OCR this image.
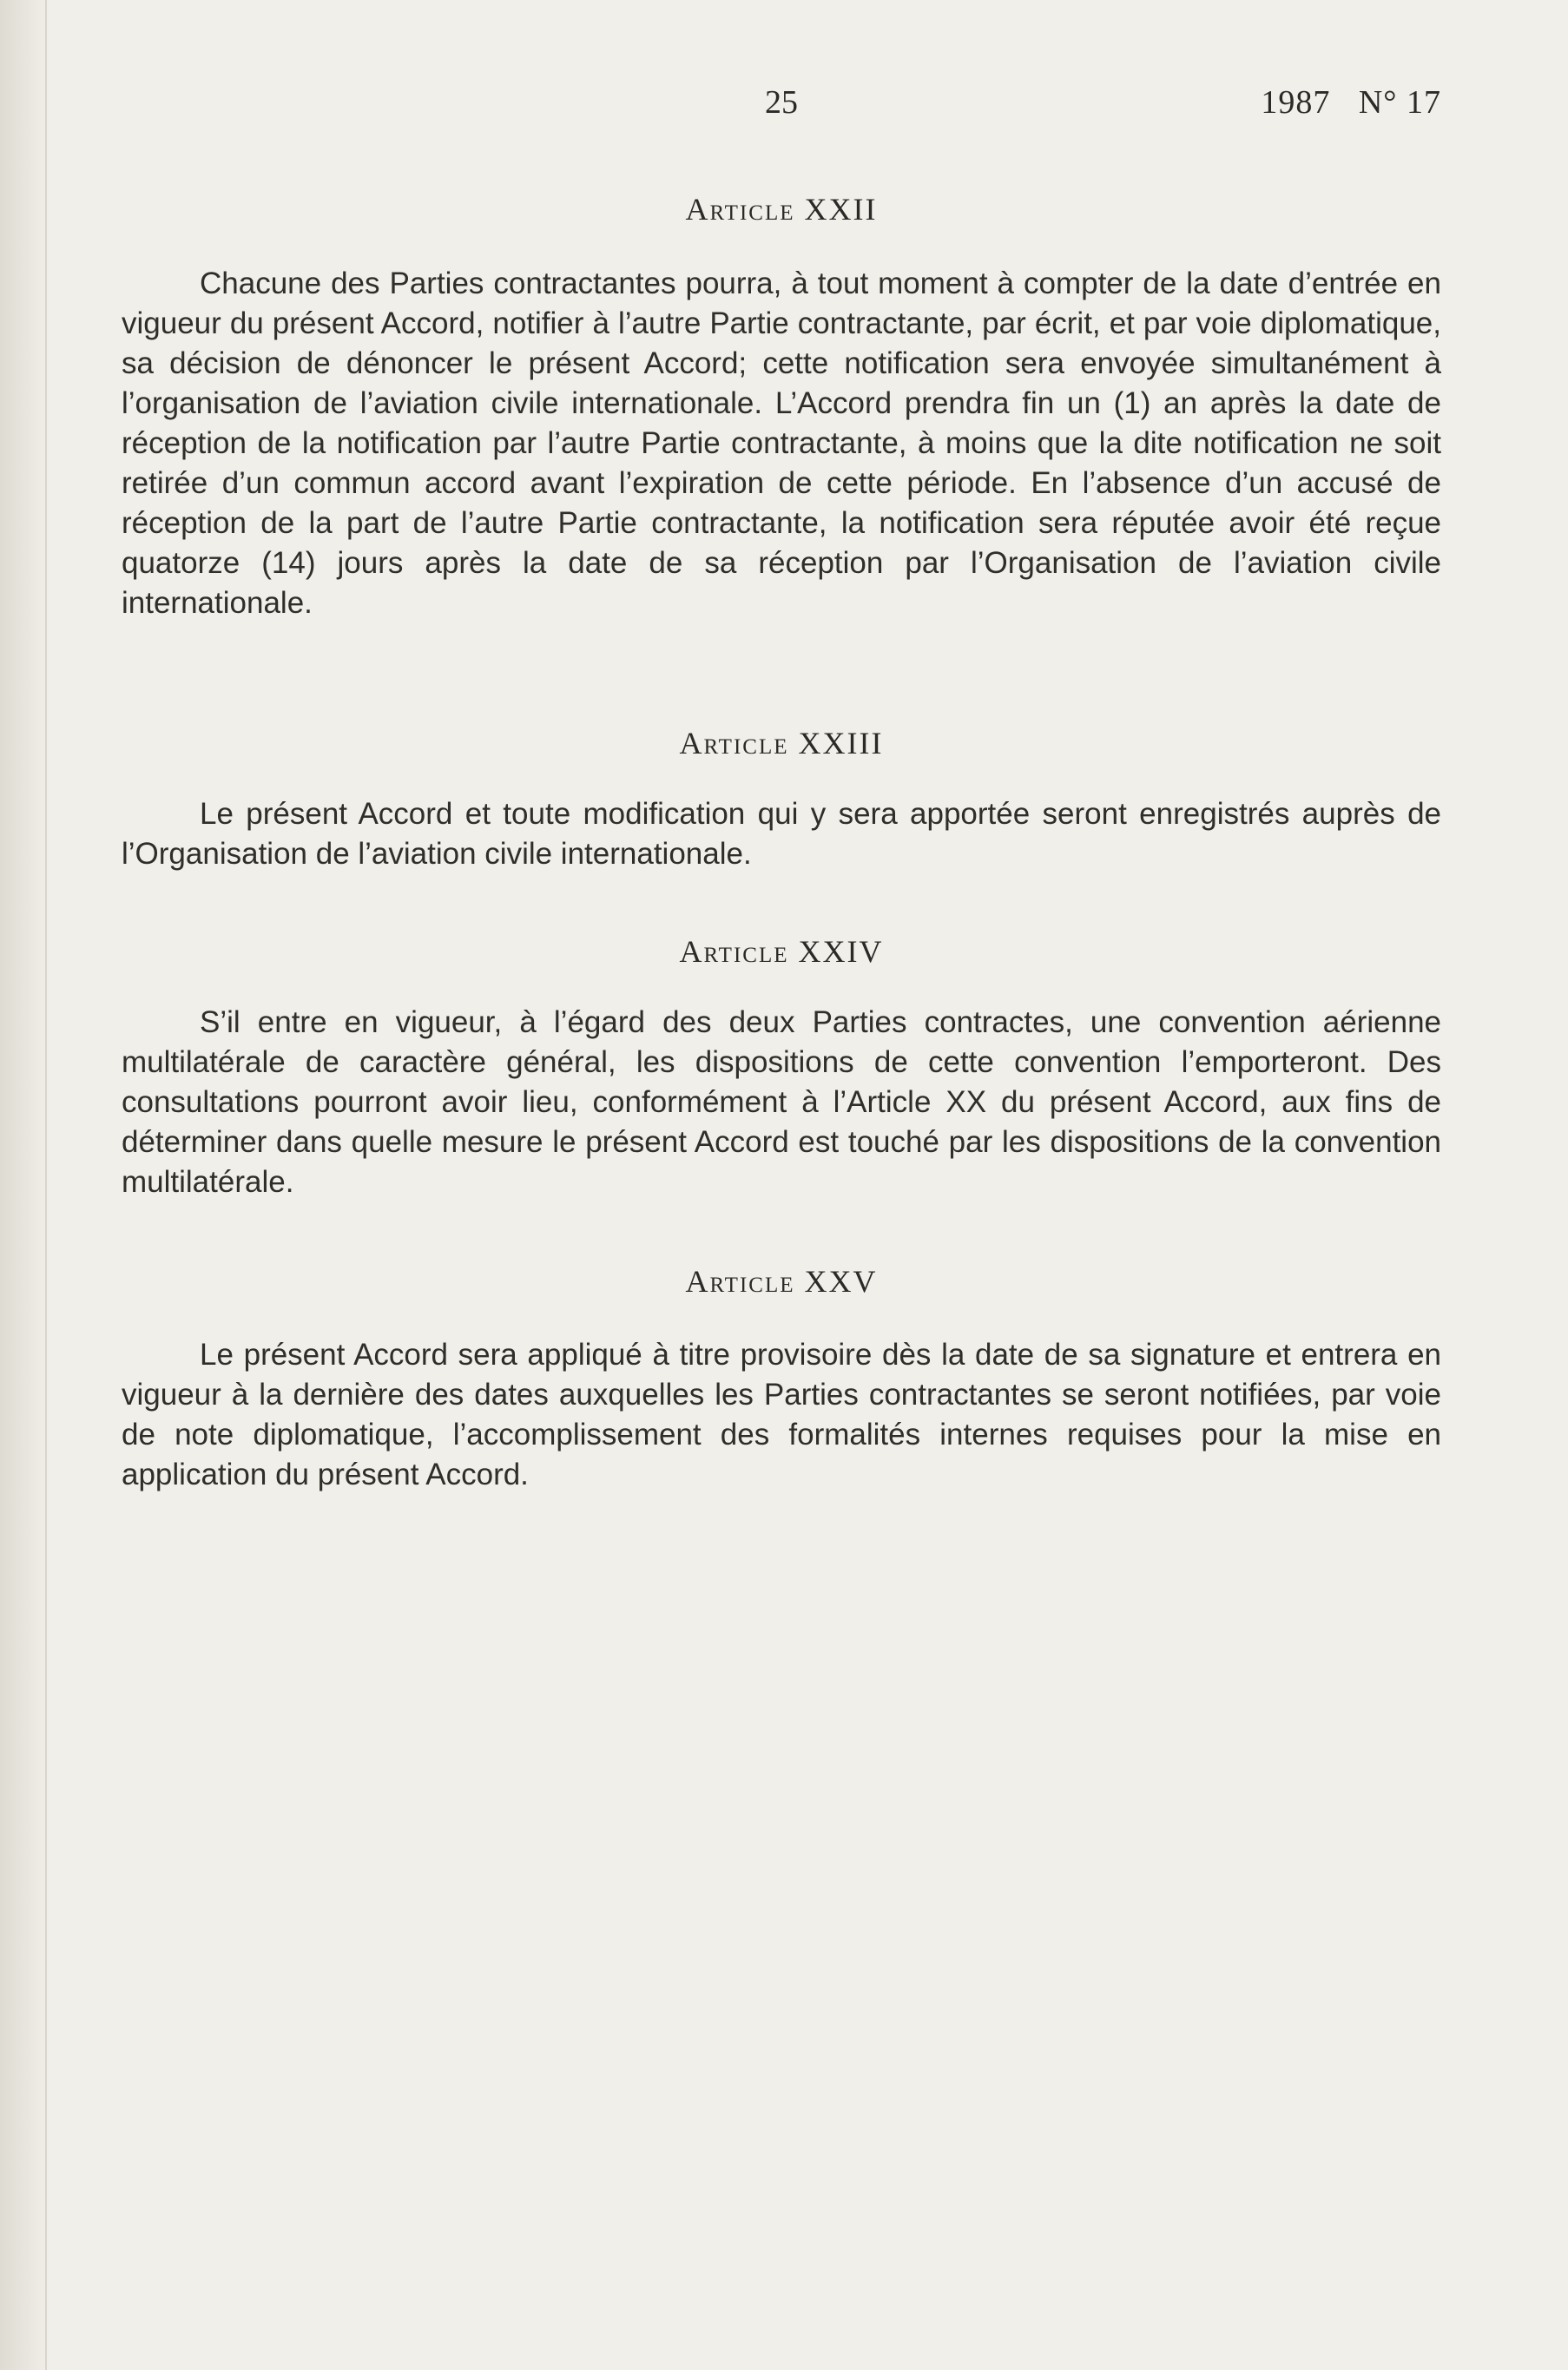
25	1987 N° 17
Article XXII

Chacune des Parties contractantes pourra, à tout moment à compter de la date d’entrée en vigueur du présent Accord, notifier à l’autre Partie contractante, par écrit, et par voie diplomatique, sa décision de dénoncer le présent Accord; cette notification sera envoyée simultanément à l’organisation de l’aviation civile internationale. L’Accord prendra fin un (1) an après la date de réception de la notification par l’autre Partie contractante, à moins que la dite notification ne soit retirée d’un commun accord avant l’expiration de cette période. En l’absence d’un accusé de réception de la part de l’autre Partie contractante, la notification sera réputée avoir été reçue quatorze (14) jours après la date de sa réception par l’Organisation de l’aviation civile internationale.

Article XXIII

Le présent Accord et toute modification qui y sera apportée seront enregistrés auprès de l’Organisation de l’aviation civile internationale.

Article XXIV

S’il entre en vigueur, à l’égard des deux Parties contractes, une convention aérienne multilatérale de caractère général, les dispositions de cette convention l’emporteront. Des consultations pourront avoir lieu, conformément à l’Article XX du présent Accord, aux fins de déterminer dans quelle mesure le présent Accord est touché par les dispositions de la convention multilatérale.

Article XXV

Le présent Accord sera appliqué à titre provisoire dès la date de sa signature et entrera en vigueur à la dernière des dates auxquelles les Parties contractantes se seront notifiées, par voie de note diplomatique, l’accomplissement des formalités internes requises pour la mise en application du présent Accord.
